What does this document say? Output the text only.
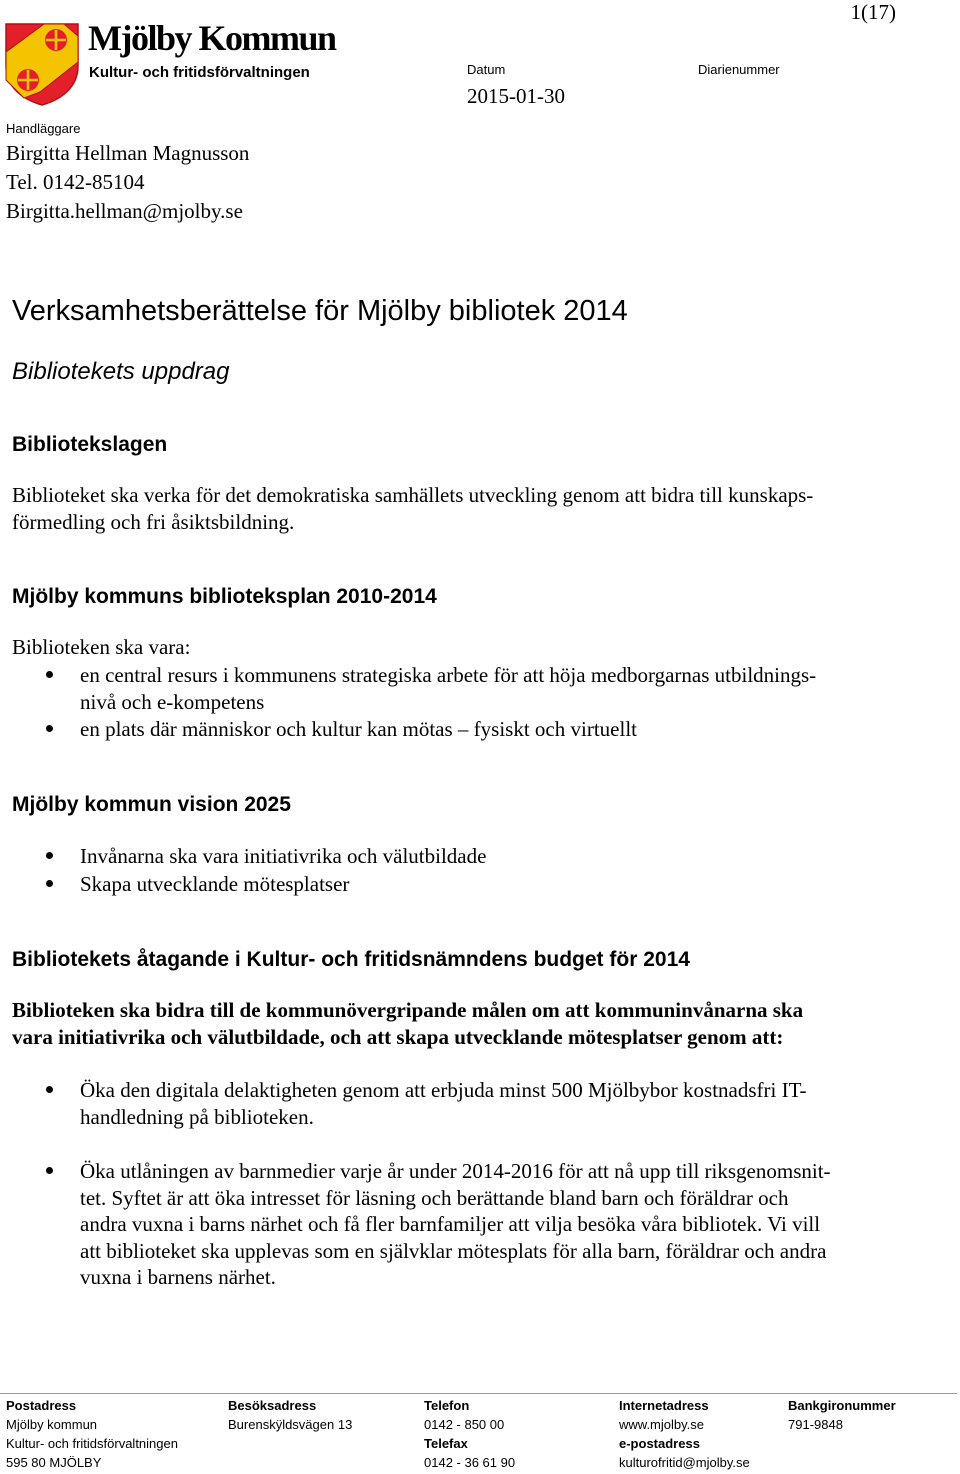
Mjölby Kommun
Kultur- och fritidsförvaltningen
1(17)
Datum
2015-01-30
Diarienummer
Handläggare
Birgitta Hellman Magnusson
Tel. 0142-85104
Birgitta.hellman@mjolby.se
Verksamhetsberättelse för Mjölby bibliotek 2014
Bibliotekets uppdrag
Bibliotekslagen
Biblioteket ska verka för det demokratiska samhällets utveckling genom att bidra till kunskaps-
förmedling och fri åsiktsbildning.
Mjölby kommuns biblioteksplan 2010-2014
Biblioteken ska vara:
en central resurs i kommunens strategiska arbete för att höja medborgarnas utbildnings-
nivå och e-kompetens
en plats där människor och kultur kan mötas – fysiskt och virtuellt
Mjölby kommun vision 2025
Invånarna ska vara initiativrika och välutbildade
Skapa utvecklande mötesplatser
Bibliotekets åtagande i Kultur- och fritidsnämndens budget för 2014
Biblioteken ska bidra till de kommunövergripande målen om att kommuninvånarna ska
vara initiativrika och välutbildade, och att skapa utvecklande mötesplatser genom att:
Öka den digitala delaktigheten genom att erbjuda minst 500 Mjölbybor kostnadsfri IT-
handledning på biblioteken.
Öka utlåningen av barnmedier varje år under 2014-2016 för att nå upp till riksgenomsnit-
tet. Syftet är att öka intresset för läsning och berättande bland barn och föräldrar och
andra vuxna i barns närhet och få fler barnfamiljer att vilja besöka våra bibliotek. Vi vill
att biblioteket ska upplevas som en självklar mötesplats för alla barn, föräldrar och andra
vuxna i barnens närhet.
Postadress
Mjölby kommun
Kultur- och fritidsförvaltningen
595 80 MJÖLBY
Besöksadress
Burenskÿldsvägen 13
Telefon
0142 - 850 00
Telefax
0142 - 36 61 90
Internetadress
www.mjolby.se
e-postadress
kulturofritid@mjolby.se
Bankgironummer
791-9848
